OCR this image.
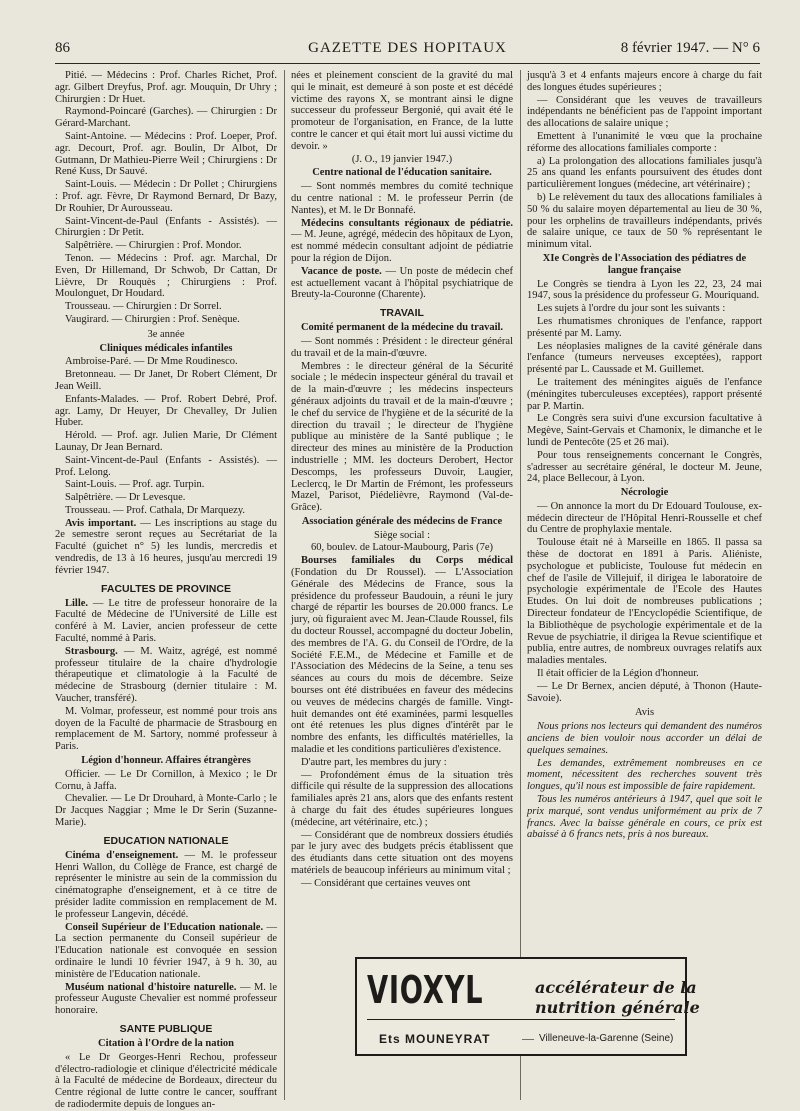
86	GAZETTE DES HOPITAUX	8 février 1947. — N° 6

Pitié. — Médecins : Prof. Charles Richet, Prof. agr. Gilbert Dreyfus, Prof. agr. Mouquin, Dr Uhry ; Chirurgien : Dr Huet.

Raymond-Poincaré (Garches). — Chirurgien : Dr Gérard-Marchant.

Saint-Antoine. — Médecins : Prof. Loeper, Prof. agr. Decourt, Prof. agr. Boulin, Dr Albot, Dr Gutmann, Dr Mathieu-Pierre Weil ; Chirurgiens : Dr René Kuss, Dr Sauvé.

Saint-Louis. — Médecin : Dr Pollet ; Chirurgiens : Prof. agr. Fèvre, Dr Raymond Bernard, Dr Bazy, Dr Rouhier, Dr Aurousseau.

Saint-Vincent-de-Paul (Enfants - Assistés). — Chirurgien : Dr Petit.

Salpêtrière. — Chirurgien : Prof. Mondor.

Tenon. — Médecins : Prof. agr. Marchal, Dr Even, Dr Hillemand, Dr Schwob, Dr Cattan, Dr Lièvre, Dr Rouquès ; Chirurgiens : Prof. Moulonguet, Dr Houdard.

Trousseau. — Chirurgien : Dr Sorrel.

Vaugirard. — Chirurgien : Prof. Senèque.

3e année
Cliniques médicales infantiles

Ambroise-Paré. — Dr Mme Roudinesco.

Bretonneau. — Dr Janet, Dr Robert Clément, Dr Jean Weill.

Enfants-Malades. — Prof. Robert Debré, Prof. agr. Lamy, Dr Heuyer, Dr Chevalley, Dr Julien Huber.

Hérold. — Prof. agr. Julien Marie, Dr Clément Launay, Dr Jean Bernard.

Saint-Vincent-de-Paul (Enfants - Assistés). — Prof. Lelong.

Saint-Louis. — Prof. agr. Turpin.

Salpêtrière. — Dr Levesque.

Trousseau. — Prof. Cathala, Dr Marquezy.

Avis important. — Les inscriptions au stage du 2e semestre seront reçues au Secrétariat de la Faculté (guichet n° 5) les lundis, mercredis et vendredis, de 13 à 16 heures, jusqu'au mercredi 19 février 1947.

FACULTES DE PROVINCE

Lille. — Le titre de professeur honoraire de la Faculté de Médecine de l'Université de Lille est conféré à M. Lavier, ancien professeur de cette Faculté, nommé à Paris.

Strasbourg. — M. Waitz, agrégé, est nommé professeur titulaire de la chaire d'hydrologie thérapeutique et climatologie à la Faculté de médecine de Strasbourg (dernier titulaire : M. Vaucher, transféré).

M. Volmar, professeur, est nommé pour trois ans doyen de la Faculté de pharmacie de Strasbourg en remplacement de M. Sartory, nommé professeur à Paris.

Légion d'honneur. Affaires étrangères

Officier. — Le Dr Cornillon, à Mexico ; le Dr Cornu, à Jaffa.

Chevalier. — Le Dr Drouhard, à Monte-Carlo ; le Dr Jacques Naggiar ; Mme le Dr Serin (Suzanne-Marie).

EDUCATION NATIONALE

Cinéma d'enseignement. — M. le professeur Henri Wallon, du Collège de France, est chargé de représenter le ministre au sein de la commission du cinématographe d'enseignement, et à ce titre de présider ladite commission en remplacement de M. le professeur Langevin, décédé.

Conseil Supérieur de l'Education nationale. — La section permanente du Conseil supérieur de l'Education nationale est convoquée en session ordinaire le lundi 10 février 1947, à 9 h. 30, au ministère de l'Education nationale.

Muséum national d'histoire naturelle. — M. le professeur Auguste Chevalier est nommé professeur honoraire.

SANTE PUBLIQUE
Citation à l'Ordre de la nation

« Le Dr Georges-Henri Rechou, professeur d'électro-radiologie et clinique d'électricité médicale à la Faculté de médecine de Bordeaux, directeur du Centre régional de lutte contre le cancer, souffrant de radiodermite depuis de longues an-

nées et pleinement conscient de la gravité du mal qui le minait, est demeuré à son poste et est décédé victime des rayons X, se montrant ainsi le digne successeur du professeur Bergonié, qui avait été le promoteur de l'organisation, en France, de la lutte contre le cancer et qui était mort lui aussi victime du devoir. »

(J. O., 19 janvier 1947.)

Centre national de l'éducation sanitaire.

— Sont nommés membres du comité technique du centre national : M. le professeur Perrin (de Nantes), et M. le Dr Bonnafé.

Médecins consultants régionaux de pédiatrie. — M. Jeune, agrégé, médecin des hôpitaux de Lyon, est nommé médecin consultant adjoint de pédiatrie pour la région de Dijon.

Vacance de poste. — Un poste de médecin chef est actuellement vacant à l'hôpital psychiatrique de Breuty-la-Couronne (Charente).

TRAVAIL
Comité permanent de la médecine du travail.

— Sont nommés : Président : le directeur général du travail et de la main-d'œuvre.

Membres : le directeur général de la Sécurité sociale ; le médecin inspecteur général du travail et de la main-d'œuvre ; les médecins inspecteurs généraux adjoints du travail et de la main-d'œuvre ; le chef du service de l'hygiène et de la sécurité de la direction du travail ; le directeur de l'hygiène publique au ministère de la Santé publique ; le directeur des mines au ministère de la Production industrielle ; MM. les docteurs Derobert, Hector Descomps, les professeurs Duvoir, Laugier, Leclercq, le Dr Martin de Frémont, les professeurs Mazel, Parisot, Piédelièvre, Raymond (Val-de-Grâce).

Association générale des médecins de France

Siège social :

60, boulev. de Latour-Maubourg, Paris (7e)

Bourses familiales du Corps médical (Fondation du Dr Roussel). — L'Association Générale des Médecins de France, sous la présidence du professeur Baudouin, a réuni le jury chargé de répartir les bourses de 20.000 francs. Le jury, où figuraient avec M. Jean-Claude Roussel, fils du docteur Roussel, accompagné du docteur Jobelin, des membres de l'A. G. du Conseil de l'Ordre, de la Société F.E.M., de Médecine et Famille et de l'Association des Médecins de la Seine, a tenu ses séances au cours du mois de décembre. Seize bourses ont été distribuées en faveur des médecins ou veuves de médecins chargés de famille. Vingt-huit demandes ont été examinées, parmi lesquelles ont été retenues les plus dignes d'intérêt par le nombre des enfants, les difficultés matérielles, la maladie et les conditions particulières d'existence.

D'autre part, les membres du jury :

— Profondément émus de la situation très difficile qui résulte de la suppression des allocations familiales après 21 ans, alors que des enfants restent à charge du fait des études supérieures longues (médecine, art vétérinaire, etc.) ;

— Considérant que de nombreux dossiers étudiés par le jury avec des budgets précis établissent que des étudiants dans cette situation ont des moyens matériels de beaucoup inférieurs au minimum vital ;

— Considérant que certaines veuves ont

jusqu'à 3 et 4 enfants majeurs encore à charge du fait des longues études supérieures ;

— Considérant que les veuves de travailleurs indépendants ne bénéficient pas de l'appoint important des allocations de salaire unique ;

Emettent à l'unanimité le vœu que la prochaine réforme des allocations familiales comporte :

a) La prolongation des allocations familiales jusqu'à 25 ans quand les enfants poursuivent des études dont particulièrement longues (médecine, art vétérinaire) ;

b) Le relèvement du taux des allocations familiales à 50 % du salaire moyen départemental au lieu de 30 %, pour les orphelins de travailleurs indépendants, privés de salaire unique, ce taux de 50 % représentant le minimum vital.

XIe Congrès de l'Association des pédiatres de langue française

Le Congrès se tiendra à Lyon les 22, 23, 24 mai 1947, sous la présidence du professeur G. Mouriquand.

Les sujets à l'ordre du jour sont les suivants :

Les rhumatismes chroniques de l'enfance, rapport présenté par M. Lamy.

Les néoplasies malignes de la cavité générale dans l'enfance (tumeurs nerveuses exceptées), rapport présenté par L. Caussade et M. Guillemet.

Le traitement des méningites aiguës de l'enfance (méningites tuberculeuses exceptées), rapport présenté par P. Martin.

Le Congrès sera suivi d'une excursion facultative à Megève, Saint-Gervais et Chamonix, le dimanche et le lundi de Pentecôte (25 et 26 mai).

Pour tous renseignements concernant le Congrès, s'adresser au secrétaire général, le docteur M. Jeune, 24, place Bellecour, à Lyon.

Nécrologie

— On annonce la mort du Dr Edouard Toulouse, ex-médecin directeur de l'Hôpital Henri-Rousselle et chef du Centre de prophylaxie mentale.

Toulouse était né à Marseille en 1865. Il passa sa thèse de doctorat en 1891 à Paris. Aliéniste, psychologue et publiciste, Toulouse fut médecin en chef de l'asile de Villejuif, il dirigea le laboratoire de psychologie expérimentale de l'Ecole des Hautes Etudes. On lui doit de nombreuses publications ; Directeur fondateur de l'Encyclopédie Scientifique, de la Bibliothèque de psychologie expérimentale et de la Revue de psychiatrie, il dirigea la Revue scientifique et publia, entre autres, de nombreux ouvrages relatifs aux maladies mentales.

Il était officier de la Légion d'honneur.

— Le Dr Bernex, ancien député, à Thonon (Haute-Savoie).

Avis

Nous prions nos lecteurs qui demandent des numéros anciens de bien vouloir nous accorder un délai de quelques semaines.

Les demandes, extrêmement nombreuses en ce moment, nécessitent des recherches souvent très longues, qu'il nous est impossible de faire rapidement.

Tous les numéros antérieurs à 1947, quel que soit le prix marqué, sont vendus uniformément au prix de 7 francs. Avec la baisse générale en cours, ce prix est abaissé à 6 francs nets, pris à nos bureaux.

VIOXYL	accélérateur de la
nutrition générale
Ets MOUNEYRAT	— Villeneuve-la-Garenne (Seine)
